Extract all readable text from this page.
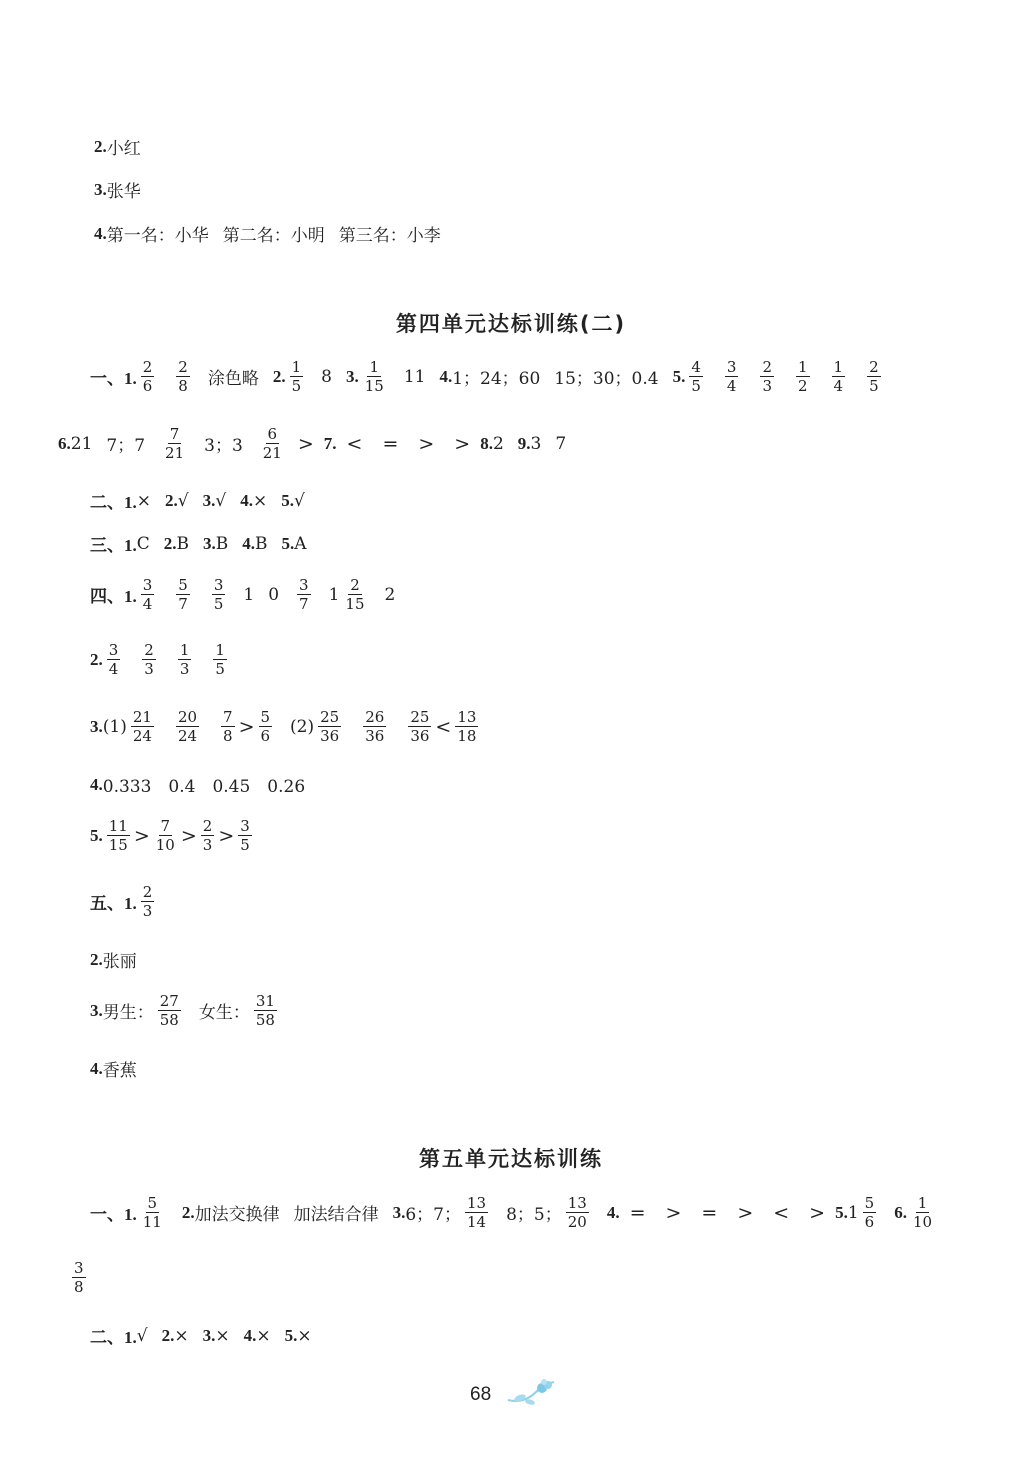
2. 小红
3. 张华
4. 第一名：小华 第二名：小明 第三名：小李
第四单元达标训练(二)
一、1. $\frac{2}{6} \frac{2}{8}$ 涂色略 2. $\frac{1}{5} 8$ 3. $\frac{1}{15} 11$ 4. 1；24；60 15；30；0.4 5. $\frac{4}{5} \frac{3}{4} \frac{2}{3} \frac{1}{2} \frac{1}{4} \frac{2}{5}$
6. 21 7；$7 \frac{7}{21} 3$；$3 \frac{6}{21} > 7$. < = > > 8. 2 9. 3 7
二、1. × 2. √ 3. √ 4. × 5. √
三、1. C 2. B 3. B 4. B 5. A
四、1. $\frac{3}{4} \frac{5}{7} \frac{3}{5} 1$ $0 \frac{3}{7} 1 \frac{2}{15} 2$
2. $\frac{3}{4} \frac{2}{3} \frac{1}{3} \frac{1}{5}$
3. $(1) \frac{21}{24} \frac{20}{24} \frac{7}{8} > \frac{5}{6} (2) \frac{25}{36} \frac{26}{36} \frac{25}{36} < \frac{13}{18}$
4. 0.333　0.4　0.45　0.26
5. $\frac{11}{15} > \frac{7}{10} > \frac{2}{3} > \frac{3}{5}$
五、1. $\frac{2}{3}$
2. 张丽
3. 男生： $\frac{27}{58}$ 女生： $\frac{31}{58}$
4. 香蕉
第五单元达标训练
一、1. $\frac{5}{11} 2$. 加法交换律 加法结合律 3. 6；7； $\frac{13}{14} 8$；5； $\frac{13}{20} 4$. = > = > < > 5. $1 \frac{5}{6} 6$. $\frac{1}{10}$
$\frac{3}{8}$
二、1. √ 2. × 3. × 4. × 5. ×
68
